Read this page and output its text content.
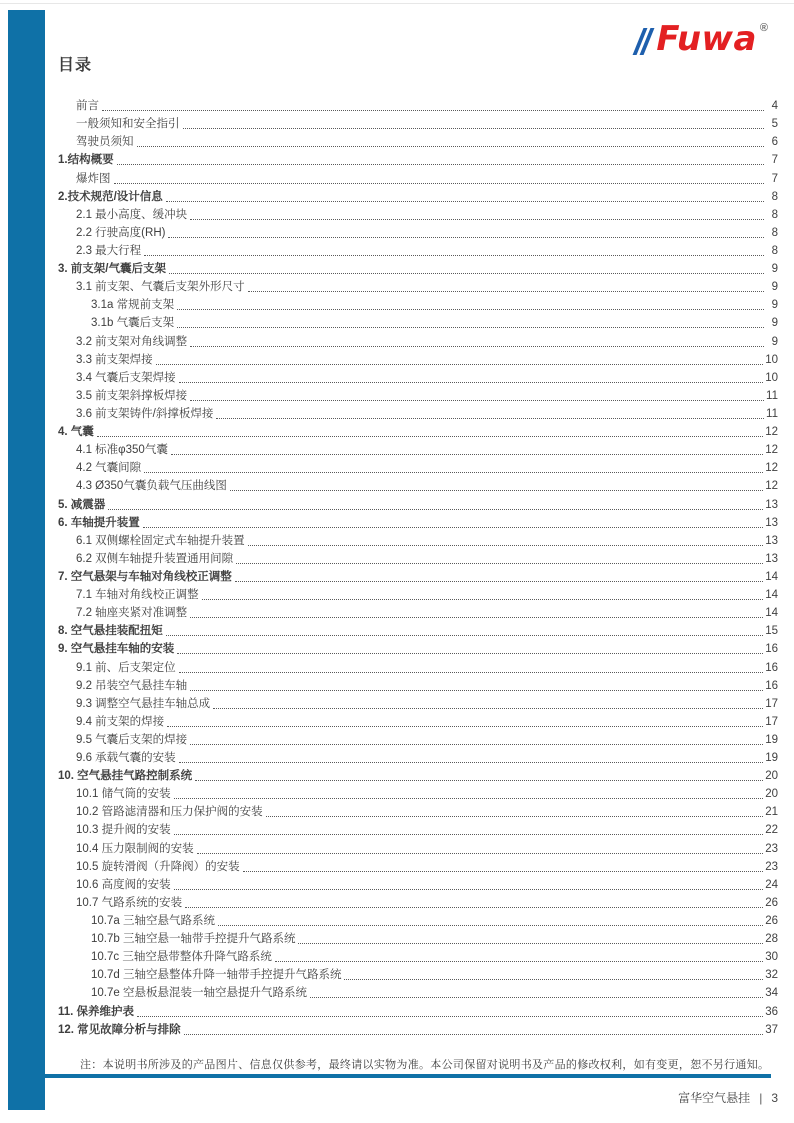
Fuwa ®
目录
前言	4
一般须知和安全指引	5
驾驶员须知	6
1.结构概要	7
爆炸图	7
2.技术规范/设计信息	8
2.1 最小高度、缓冲块	8
2.2 行驶高度(RH)	8
2.3 最大行程	8
3. 前支架/气囊后支架	9
3.1 前支架、气囊后支架外形尺寸	9
3.1a 常规前支架	9
3.1b 气囊后支架	9
3.2 前支架对角线调整	9
3.3 前支架焊接	10
3.4 气囊后支架焊接	10
3.5 前支架斜撑板焊接	11
3.6 前支架铸件/斜撑板焊接	11
4. 气囊	12
4.1 标准φ350气囊	12
4.2 气囊间隙	12
4.3 Ø350气囊负载气压曲线图	12
5. 减震器	13
6. 车轴提升装置	13
6.1 双侧螺栓固定式车轴提升装置	13
6.2 双侧车轴提升装置通用间隙	13
7. 空气悬架与车轴对角线校正调整	14
7.1 车轴对角线校正调整	14
7.2 轴座夹紧对准调整	14
8. 空气悬挂装配扭矩	15
9. 空气悬挂车轴的安装	16
9.1 前、后支架定位	16
9.2 吊装空气悬挂车轴	16
9.3 调整空气悬挂车轴总成	17
9.4 前支架的焊接	17
9.5 气囊后支架的焊接	19
9.6 承载气囊的安装	19
10. 空气悬挂气路控制系统	20
10.1 储气筒的安装	20
10.2 管路滤清器和压力保护阀的安装	21
10.3 提升阀的安装	22
10.4 压力限制阀的安装	23
10.5 旋转滑阀（升降阀）的安装	23
10.6 高度阀的安装	24
10.7 气路系统的安装	26
10.7a 三轴空悬气路系统	26
10.7b 三轴空悬一轴带手控提升气路系统	28
10.7c 三轴空悬带整体升降气路系统	30
10.7d 三轴空悬整体升降一轴带手控提升气路系统	32
10.7e 空悬板悬混装一轴空悬提升气路系统	34
11. 保养维护表	36
12. 常见故障分析与排除	37
注：本说明书所涉及的产品图片、信息仅供参考，最终请以实物为准。本公司保留对说明书及产品的修改权利，如有变更，恕不另行通知。
富华空气悬挂 | 3
